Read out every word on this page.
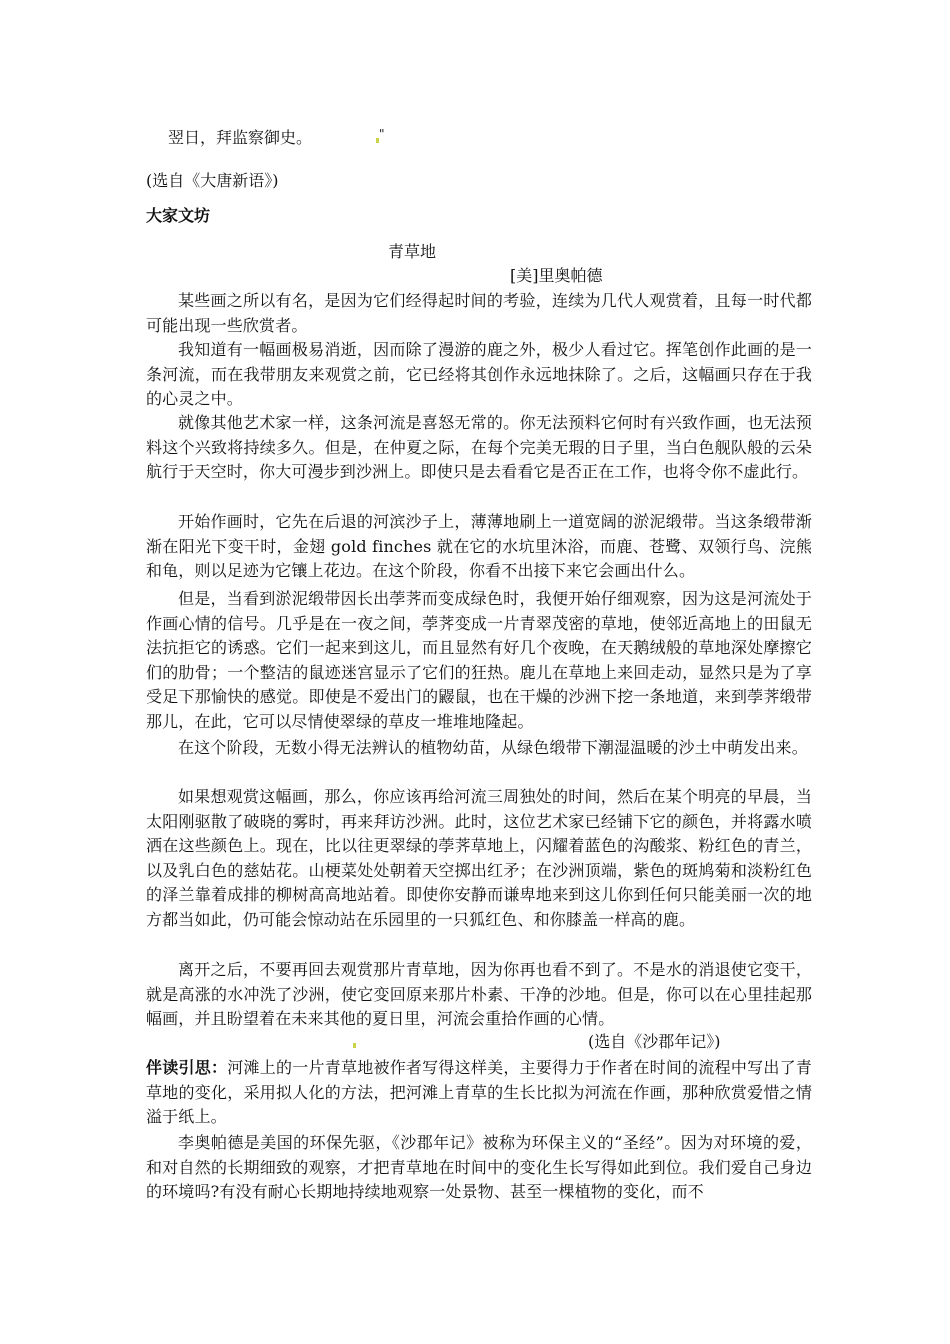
翌日，拜监察御史。	"
(选自《大唐新语》)
大家文坊
青草地
[美]里奥帕德
某些画之所以有名，是因为它们经得起时间的考验，连续为几代人观赏着，且每一时代都可能出现一些欣赏者。
我知道有一幅画极易消逝，因而除了漫游的鹿之外，极少人看过它。挥笔创作此画的是一条河流，而在我带朋友来观赏之前，它已经将其创作永远地抹除了。之后，这幅画只存在于我的心灵之中。
就像其他艺术家一样，这条河流是喜怒无常的。你无法预料它何时有兴致作画，也无法预料这个兴致将持续多久。但是，在仲夏之际，在每个完美无瑕的日子里，当白色舰队般的云朵航行于天空时，你大可漫步到沙洲上。即使只是去看看它是否正在工作，也将令你不虚此行。
开始作画时，它先在后退的河滨沙子上，薄薄地刷上一道宽阔的淤泥缎带。当这条缎带渐渐在阳光下变干时，金翅 gold finches 就在它的水坑里沐浴，而鹿、苍鹭、双领行鸟、浣熊和龟，则以足迹为它镶上花边。在这个阶段，你看不出接下来它会画出什么。
但是，当看到淤泥缎带因长出荸荠而变成绿色时，我便开始仔细观察，因为这是河流处于作画心情的信号。几乎是在一夜之间，荸荠变成一片青翠茂密的草地，使邻近高地上的田鼠无法抗拒它的诱惑。它们一起来到这儿，而且显然有好几个夜晚，在天鹅绒般的草地深处摩擦它们的肋骨；一个整洁的鼠迹迷宫显示了它们的狂热。鹿儿在草地上来回走动，显然只是为了享受足下那愉快的感觉。即使是不爱出门的鼹鼠，也在干燥的沙洲下挖一条地道，来到荸荠缎带那儿，在此，它可以尽情使翠绿的草皮一堆堆地隆起。
在这个阶段，无数小得无法辨认的植物幼苗，从绿色缎带下潮湿温暖的沙土中萌发出来。
如果想观赏这幅画，那么，你应该再给河流三周独处的时间，然后在某个明亮的早晨，当太阳刚驱散了破晓的雾时，再来拜访沙洲。此时，这位艺术家已经铺下它的颜色，并将露水喷洒在这些颜色上。现在，比以往更翠绿的荸荠草地上，闪耀着蓝色的沟酸浆、粉红色的青兰，以及乳白色的慈姑花。山梗菜处处朝着天空掷出红矛；在沙洲顶端，紫色的斑鸠菊和淡粉红色的泽兰靠着成排的柳树高高地站着。即使你安静而谦卑地来到这儿你到任何只能美丽一次的地方都当如此，仍可能会惊动站在乐园里的一只狐红色、和你膝盖一样高的鹿。
离开之后，不要再回去观赏那片青草地，因为你再也看不到了。不是水的消退使它变干，就是高涨的水冲洗了沙洲，使它变回原来那片朴素、干净的沙地。但是，你可以在心里挂起那幅画，并且盼望着在未来其他的夏日里，河流会重拾作画的心情。
(选自《沙郡年记》)
伴读引思：河滩上的一片青草地被作者写得这样美，主要得力于作者在时间的流程中写出了青草地的变化，采用拟人化的方法，把河滩上青草的生长比拟为河流在作画，那种欣赏爱惜之情溢于纸上。
李奥帕德是美国的环保先驱，《沙郡年记》被称为环保主义的“圣经”。因为对环境的爱，和对自然的长期细致的观察，才把青草地在时间中的变化生长写得如此到位。我们爱自己身边的环境吗?有没有耐心长期地持续地观察一处景物、甚至一棵植物的变化，而不
